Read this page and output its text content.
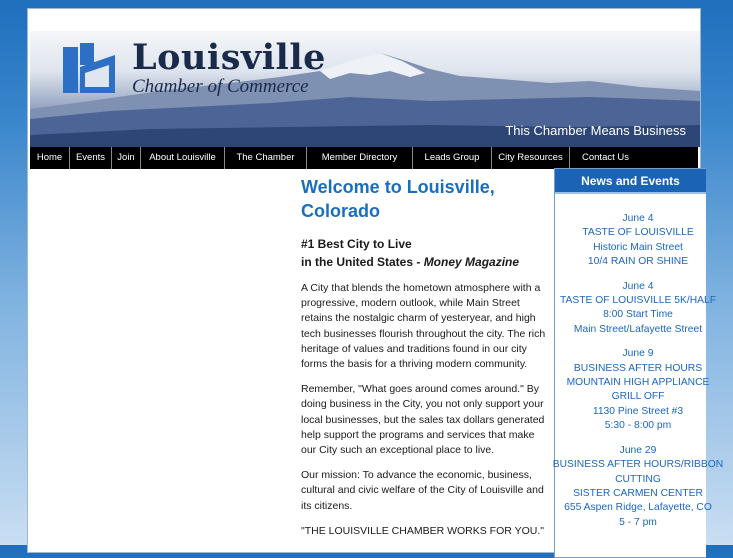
Louisville
Chamber of Commerce
This Chamber Means Business
Home	Events	Join	About Louisville	The Chamber	Member Directory	Leads Group	City Resources	Contact Us
Welcome to Louisville, Colorado
#1 Best City to Live
in the United States - Money Magazine

A City that blends the hometown atmosphere with a progressive, modern outlook, while Main Street retains the nostalgic charm of yesteryear, and high tech businesses flourish throughout the city. The rich heritage of values and traditions found in our city forms the basis for a thriving modern community.

Remember, "What goes around comes around." By doing business in the City, you not only support your local businesses, but the sales tax dollars generated help support the programs and services that make our City such an exceptional place to live.

Our mission: To advance the economic, business, cultural and civic welfare of the City of Louisville and its citizens.

"THE LOUISVILLE CHAMBER WORKS FOR YOU."

News and Events
June 4
TASTE OF LOUISVILLE
Historic Main Street
10/4 RAIN OR SHINE
June 4
TASTE OF LOUISVILLE 5K/HALF
8:00 Start Time
Main Street/Lafayette Street
June 9
BUSINESS AFTER HOURS
MOUNTAIN HIGH APPLIANCE
GRILL OFF
1130 Pine Street #3
5:30 - 8:00 pm
June 29
BUSINESS AFTER HOURS/RIBBON
CUTTING
SISTER CARMEN CENTER
655 Aspen Ridge, Lafayette, CO
5 - 7 pm
